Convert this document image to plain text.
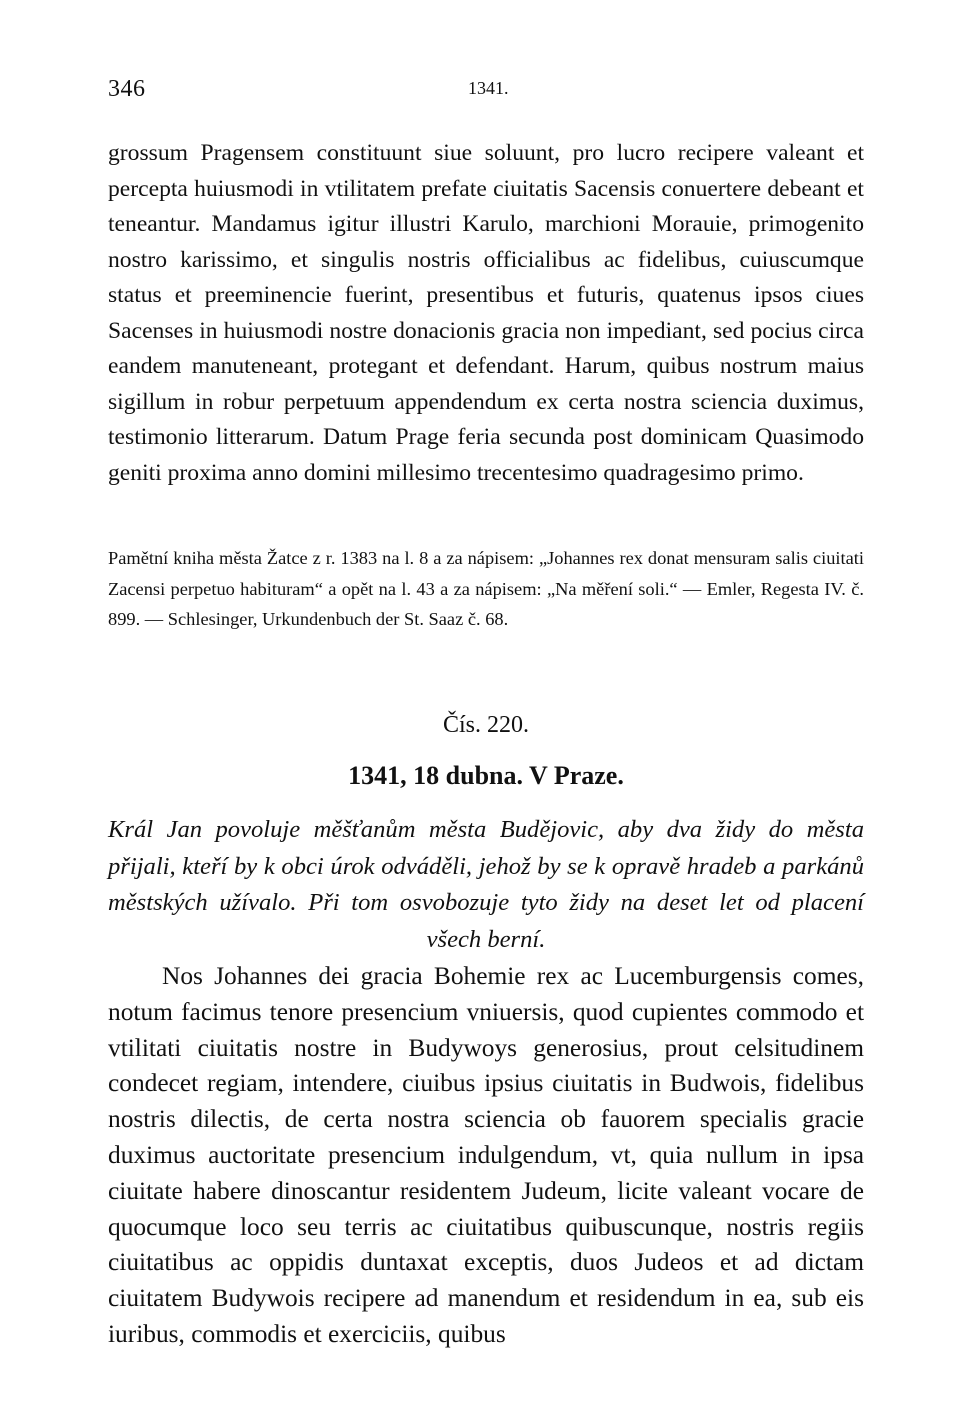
346	1341.

grossum Pragensem constituunt siue soluunt, pro lucro recipere valeant et percepta huiusmodi in vtilitatem prefate ciuitatis Sacensis conuertere debeant et teneantur. Mandamus igitur illustri Karulo, marchioni Morauie, primogenito nostro karissimo, et singulis nostris officialibus ac fidelibus, cuiuscumque status et preeminencie fuerint, presentibus et futuris, quatenus ipsos ciues Sacenses in huiusmodi nostre donacionis gracia non impediant, sed pocius circa eandem manuteneant, protegant et defendant. Harum, quibus nostrum maius sigillum in robur perpetuum appendendum ex certa nostra sciencia duximus, testimonio litterarum. Datum Prage feria secunda post dominicam Quasimodo geniti proxima anno domini millesimo trecentesimo quadragesimo primo.

Pamětní kniha města Žatce z r. 1383 na l. 8 a za nápisem: „Johannes rex donat mensuram salis ciuitati Zacensi perpetuo habituram“ a opět na l. 43 a za nápisem: „Na měření soli.“ — Emler, Regesta IV. č. 899. — Schlesinger, Urkundenbuch der St. Saaz č. 68.

Čís. 220.

1341, 18 dubna. V Praze.

Král Jan povoluje měšťanům města Budějovic, aby dva židy do města přijali, kteří by k obci úrok odváděli, jehož by se k opravě hradeb a parkánů městských užívalo. Při tom osvobozuje tyto židy na deset let od placení všech berní.

Nos Johannes dei gracia Bohemie rex ac Lucemburgensis comes, notum facimus tenore presencium vniuersis, quod cupientes commodo et vtilitati ciuitatis nostre in Budywoys generosius, prout celsitudinem condecet regiam, intendere, ciuibus ipsius ciuitatis in Budwois, fidelibus nostris dilectis, de certa nostra sciencia ob fauorem specialis gracie duximus auctoritate presencium indulgendum, vt, quia nullum in ipsa ciuitate habere dinoscantur residentem Judeum, licite valeant vocare de quocumque loco seu terris ac ciuitatibus quibuscunque, nostris regiis ciuitatibus ac oppidis duntaxat exceptis, duos Judeos et ad dictam ciuitatem Budywois recipere ad manendum et residendum in ea, sub eis iuribus, commodis et exerciciis, quibus
